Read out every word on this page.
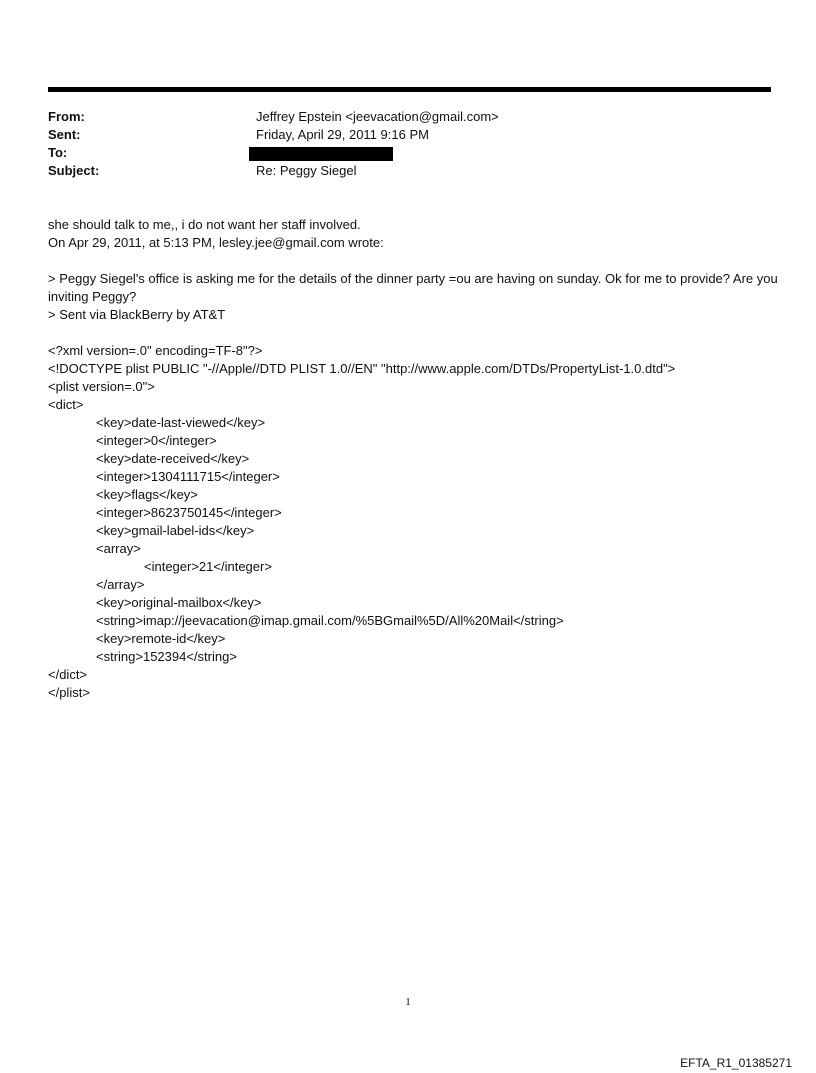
From:	Jeffrey Epstein <jeevacation@gmail.com>
Sent:	Friday, April 29, 2011 9:16 PM
To:
Subject:	Re: Peggy Siegel
she should talk to me,, i do not want her staff involved.
On Apr 29, 2011, at 5:13 PM, lesley.jee@gmail.com wrote:
> Peggy Siegel's office is asking me for the details of the dinner party =ou are having on sunday. Ok for me to provide? Are you inviting Peggy?
> Sent via BlackBerry by AT&T
<?xml version=.0" encoding=TF-8"?>
<!DOCTYPE plist PUBLIC "-//Apple//DTD PLIST 1.0//EN" "http://www.apple.com/DTDs/PropertyList-1.0.dtd">
<plist version=.0">
<dict>
<key>date-last-viewed</key>
<integer>0</integer>
<key>date-received</key>
<integer>1304111715</integer>
<key>flags</key>
<integer>8623750145</integer>
<key>gmail-label-ids</key>
<array>
<integer>21</integer>
</array>
<key>original-mailbox</key>
<string>imap://jeevacation@imap.gmail.com/%5BGmail%5D/All%20Mail</string>
<key>remote-id</key>
<string>152394</string>
</dict>
</plist>
1
EFTA_R1_01385271
